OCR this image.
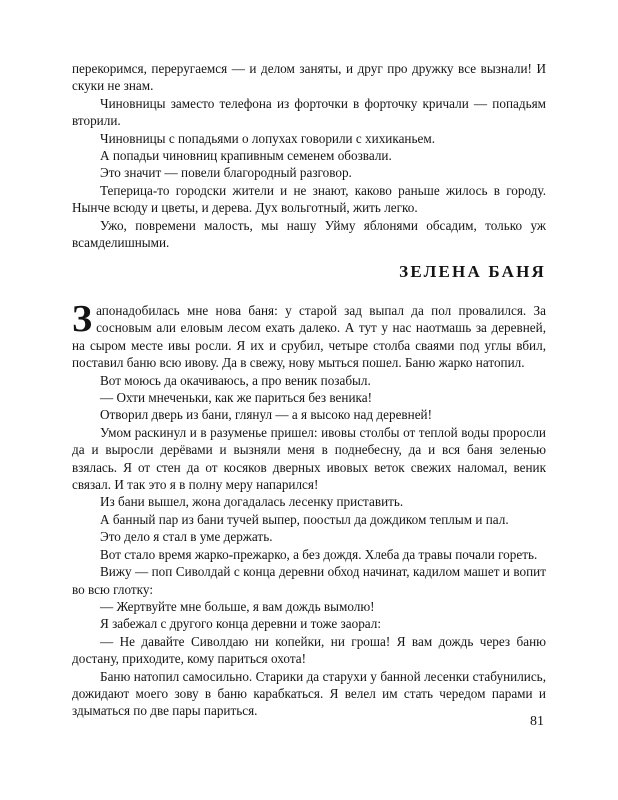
перекоримся, переругаемся — и делом заняты, и друг про дружку все вызнали! И скуки не знам.

Чиновницы заместо телефона из форточки в форточку кричали — попадьям вторили.

Чиновницы с попадьями о лопухах говорили с хихиканьем.

А попадьи чиновниц крапивным семенем обозвали.

Это значит — повели благородный разговор.

Теперица-то городски жители и не знают, каково раньше жилось в городу. Нынче всюду и цветы, и дерева. Дух вольготный, жить легко.

Ужо, повремени малость, мы нашу Уйму яблонями обсадим, только уж всамделишными.

ЗЕЛЕНА БАНЯ

Запонадобилась мне нова баня: у старой зад выпал да пол провалился. За сосновым али еловым лесом ехать далеко. А тут у нас наотмашь за деревней, на сыром месте ивы росли. Я их и срубил, четыре столба сваями под углы вбил, поставил баню всю ивову. Да в свежу, нову мыться пошел. Баню жарко натопил.

Вот моюсь да окачиваюсь, а про веник позабыл.

— Охти мнеченьки, как же париться без веника!

Отворил дверь из бани, глянул — а я высоко над деревней!

Умом раскинул и в разуменье пришел: ивовы столбы от теплой воды проросли да и выросли дерёвами и вызняли меня в поднебесну, да и вся баня зеленью взялась. Я от стен да от косяков дверных ивовых веток свежих наломал, веник связал. И так это я в полну меру напарился!

Из бани вышел, жона догадалась лесенку приставить.

А банный пар из бани тучей выпер, поостыл да дождиком теплым и пал.

Это дело я стал в уме держать.

Вот стало время жарко-прежарко, а без дождя. Хлеба да травы почали гореть.

Вижу — поп Сиволдай с конца деревни обход начинат, кадилом машет и вопит во всю глотку:

— Жертвуйте мне больше, я вам дождь вымолю!

Я забежал с другого конца деревни и тоже заорал:

— Не давайте Сиволдаю ни копейки, ни гроша! Я вам дождь через баню достану, приходите, кому париться охота!

Баню натопил самосильно. Старики да старухи у банной лесенки стабунились, дожидают моего зову в баню карабкаться. Я велел им стать чередом парами и здыматься по две пары париться.

81
